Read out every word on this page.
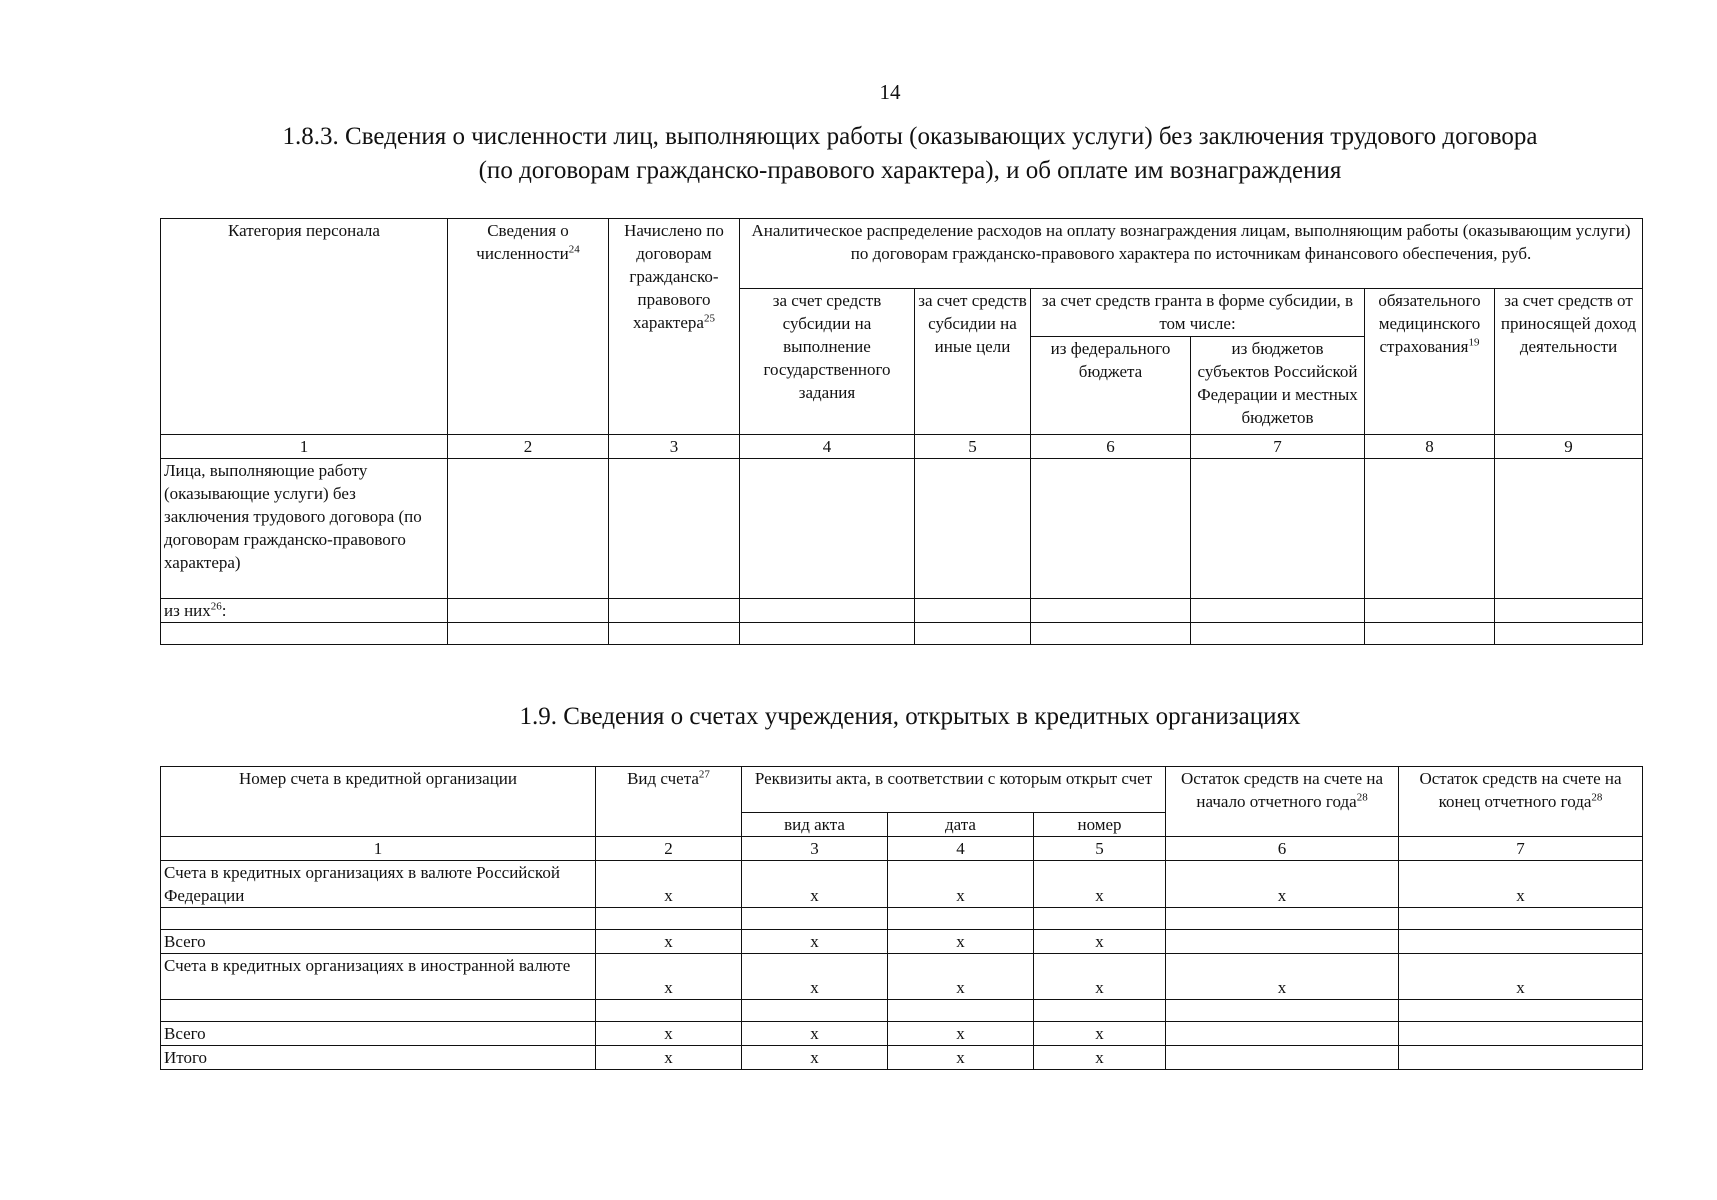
14
1.8.3. Сведения о численности лиц, выполняющих работы (оказывающих услуги) без заключения трудового договора
(по договорам гражданско-правового характера), и об оплате им вознаграждения
Категория персонала	Сведения о численности$^{24}$	Начислено по договорам гражданско-правового характера$^{25}$	Аналитическое распределение расходов на оплату вознаграждения лицам, выполняющим работы (оказывающим услуги) по договорам гражданско-правового характера по источникам финансового обеспечения, руб.					
			за счет средств субсидии на выполнение государственного задания	за счет средств субсидии на иные цели	за счет средств гранта в форме субсидии, в том числе:		обязательного медицинского страхования$^{19}$	за счет средств от приносящей доход деятельности
					из федерального бюджета	из бюджетов субъектов Российской Федерации и местных бюджетов		

1	2	3	4	5	6	7	8	9
Лица, выполняющие работу (оказывающие услуги) без заключения трудового договора (по договорам гражданско-правового характера)								
из них$^{26}$:								

1.9. Сведения о счетах учреждения, открытых в кредитных организациях
Номер счета в кредитной организации	Вид счета$^{27}$	Реквизиты акта, в соответствии с которым открыт счет			Остаток средств на счете на начало отчетного года$^{28}$	Остаток средств на счете на конец отчетного года$^{28}$
		вид акта	дата	номер		
1	2	3	4	5	6	7
Счета в кредитных организациях в валюте Российской Федерации	x	x	x	x	x	x

Всего	x	x	x	x		
Счета в кредитных организациях в иностранной валюте	x	x	x	x	x	x

Всего	x	x	x	x		
Итого	x	x	x	x		
